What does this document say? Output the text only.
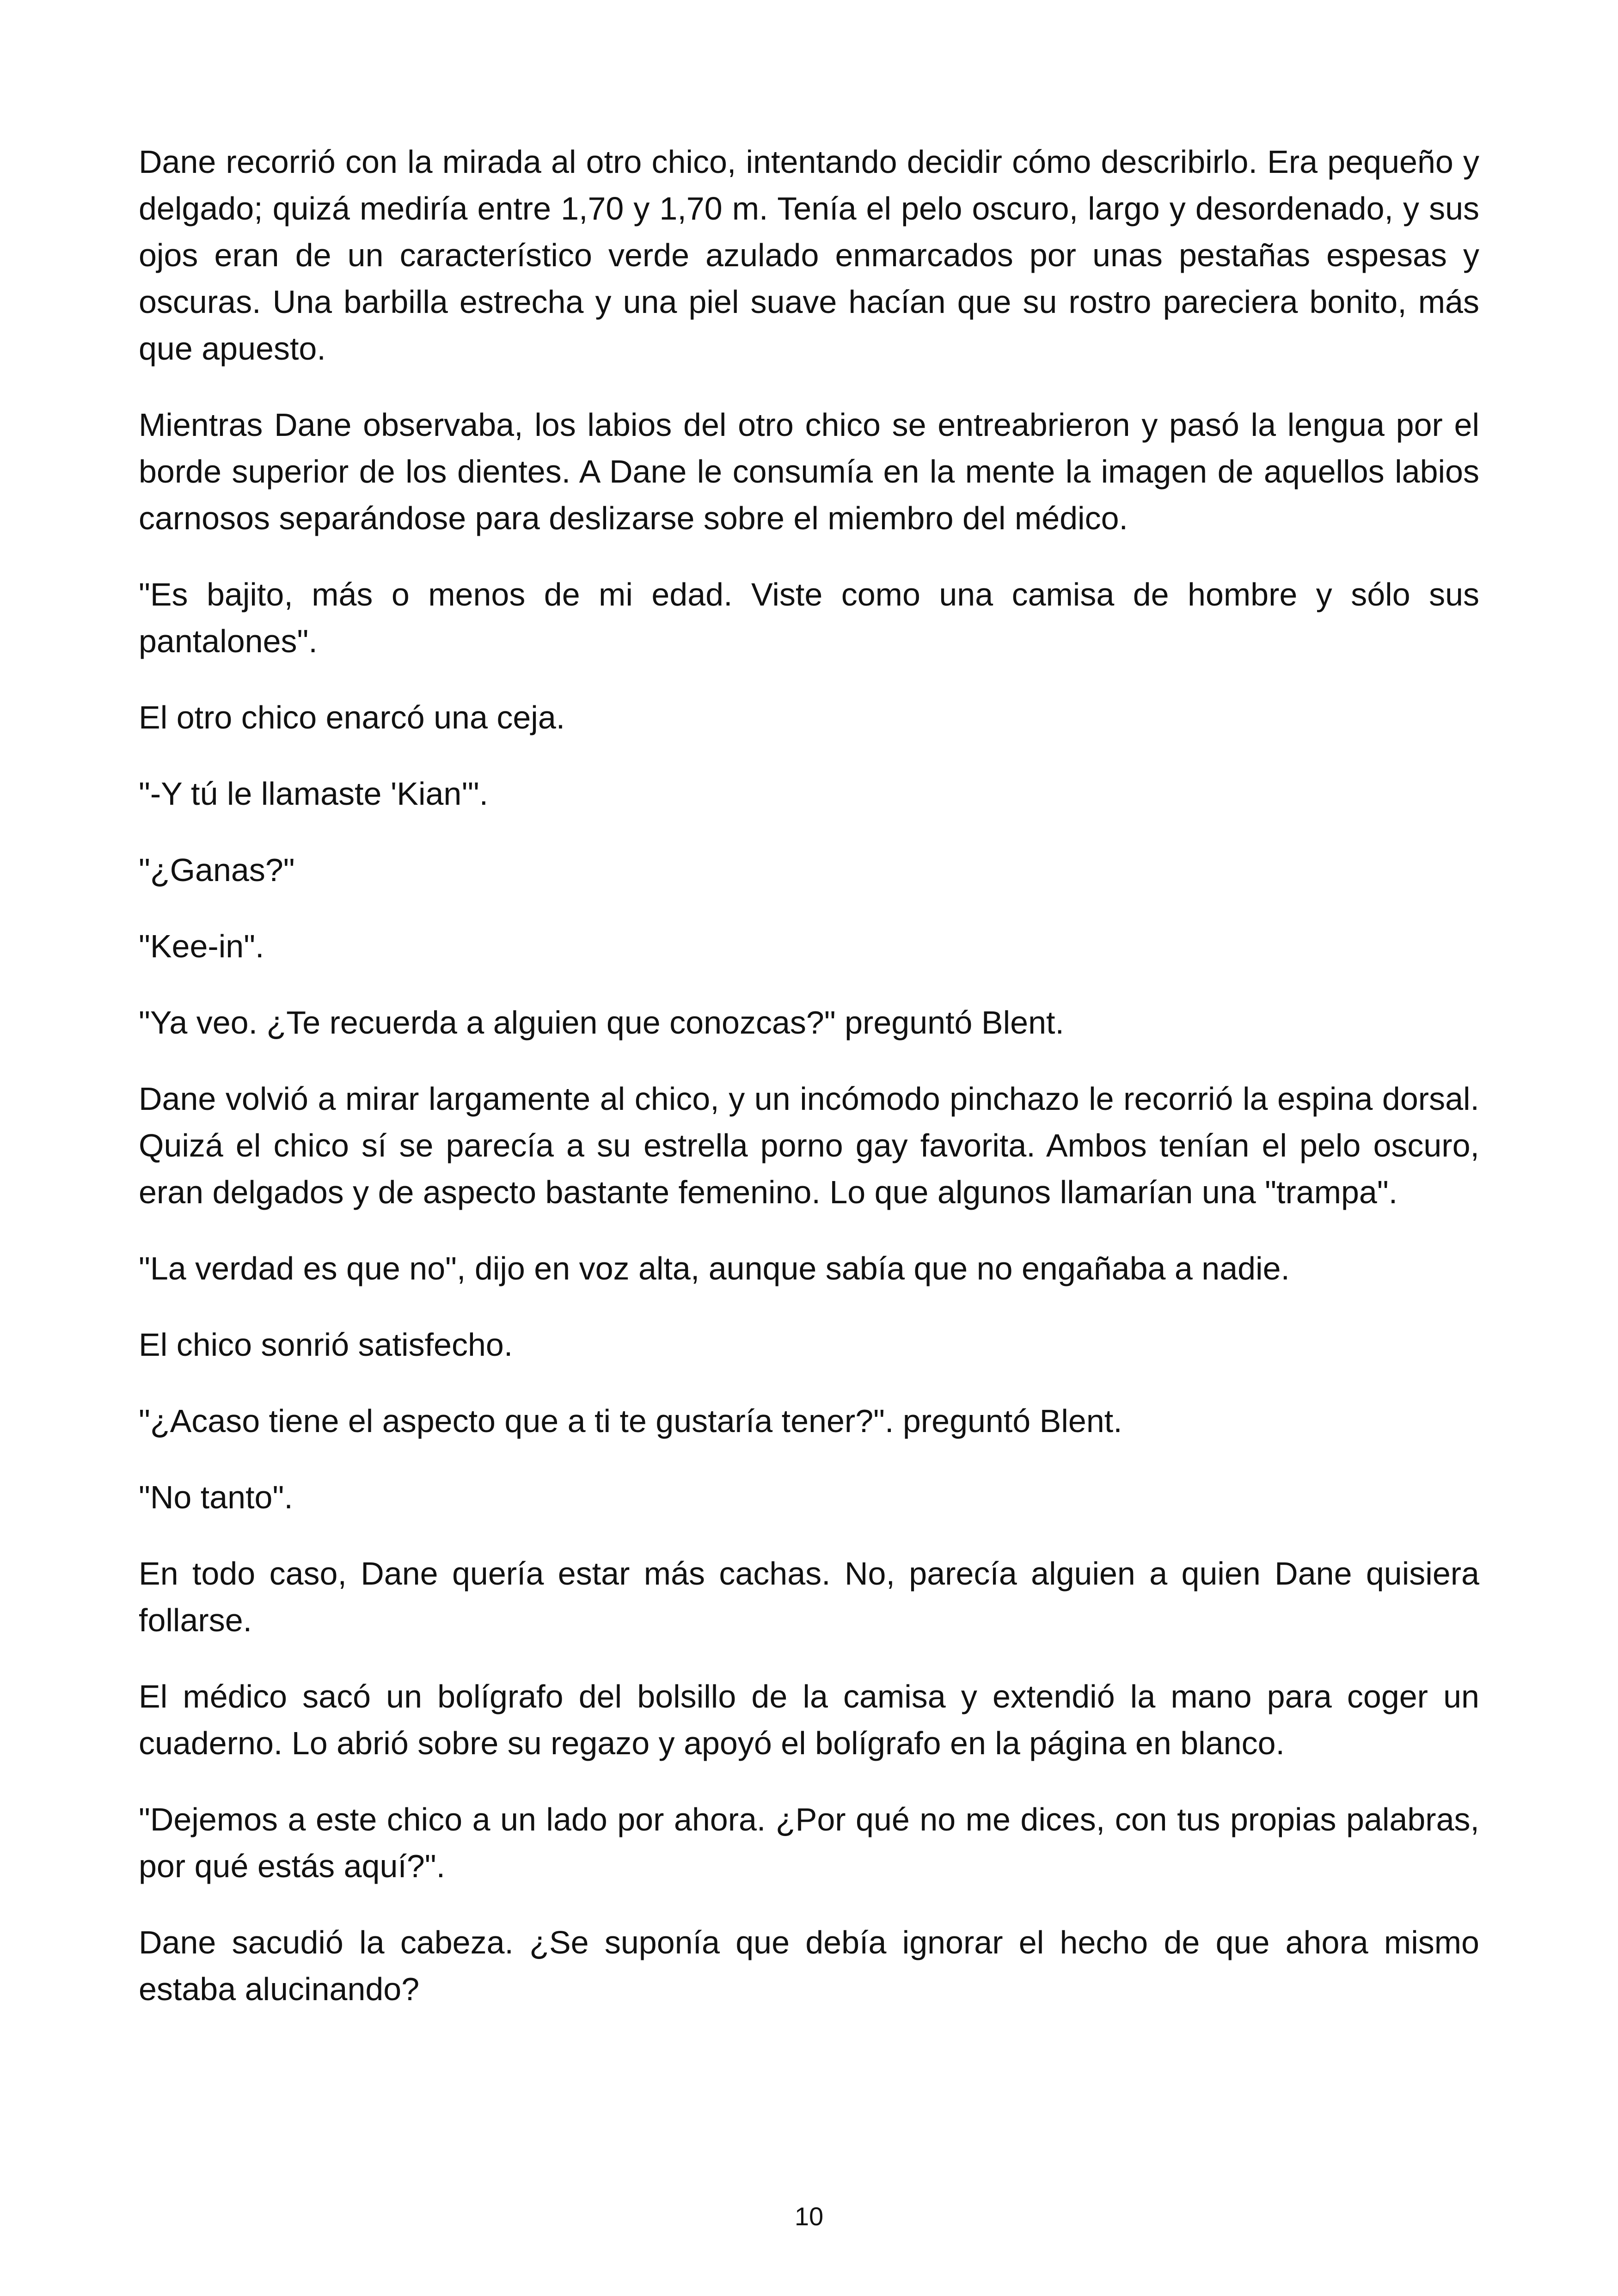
Dane recorrió con la mirada al otro chico, intentando decidir cómo describirlo. Era pequeño y delgado; quizá mediría entre 1,70 y 1,70 m. Tenía el pelo oscuro, largo y desordenado, y sus ojos eran de un característico verde azulado enmarcados por unas pestañas espesas y oscuras. Una barbilla estrecha y una piel suave hacían que su rostro pareciera bonito, más que apuesto.

Mientras Dane observaba, los labios del otro chico se entreabrieron y pasó la lengua por el borde superior de los dientes. A Dane le consumía en la mente la imagen de aquellos labios carnosos separándose para deslizarse sobre el miembro del médico.

"Es bajito, más o menos de mi edad. Viste como una camisa de hombre y sólo sus pantalones".

El otro chico enarcó una ceja.

"-Y tú le llamaste 'Kian'".

"¿Ganas?"

"Kee-in".

"Ya veo. ¿Te recuerda a alguien que conozcas?" preguntó Blent.

Dane volvió a mirar largamente al chico, y un incómodo pinchazo le recorrió la espina dorsal. Quizá el chico sí se parecía a su estrella porno gay favorita. Ambos tenían el pelo oscuro, eran delgados y de aspecto bastante femenino. Lo que algunos llamarían una "trampa".

"La verdad es que no", dijo en voz alta, aunque sabía que no engañaba a nadie.

El chico sonrió satisfecho.

"¿Acaso tiene el aspecto que a ti te gustaría tener?". preguntó Blent.

"No tanto".

En todo caso, Dane quería estar más cachas. No, parecía alguien a quien Dane quisiera follarse.

El médico sacó un bolígrafo del bolsillo de la camisa y extendió la mano para coger un cuaderno. Lo abrió sobre su regazo y apoyó el bolígrafo en la página en blanco.

"Dejemos a este chico a un lado por ahora. ¿Por qué no me dices, con tus propias palabras, por qué estás aquí?".

Dane sacudió la cabeza. ¿Se suponía que debía ignorar el hecho de que ahora mismo estaba alucinando?

10
